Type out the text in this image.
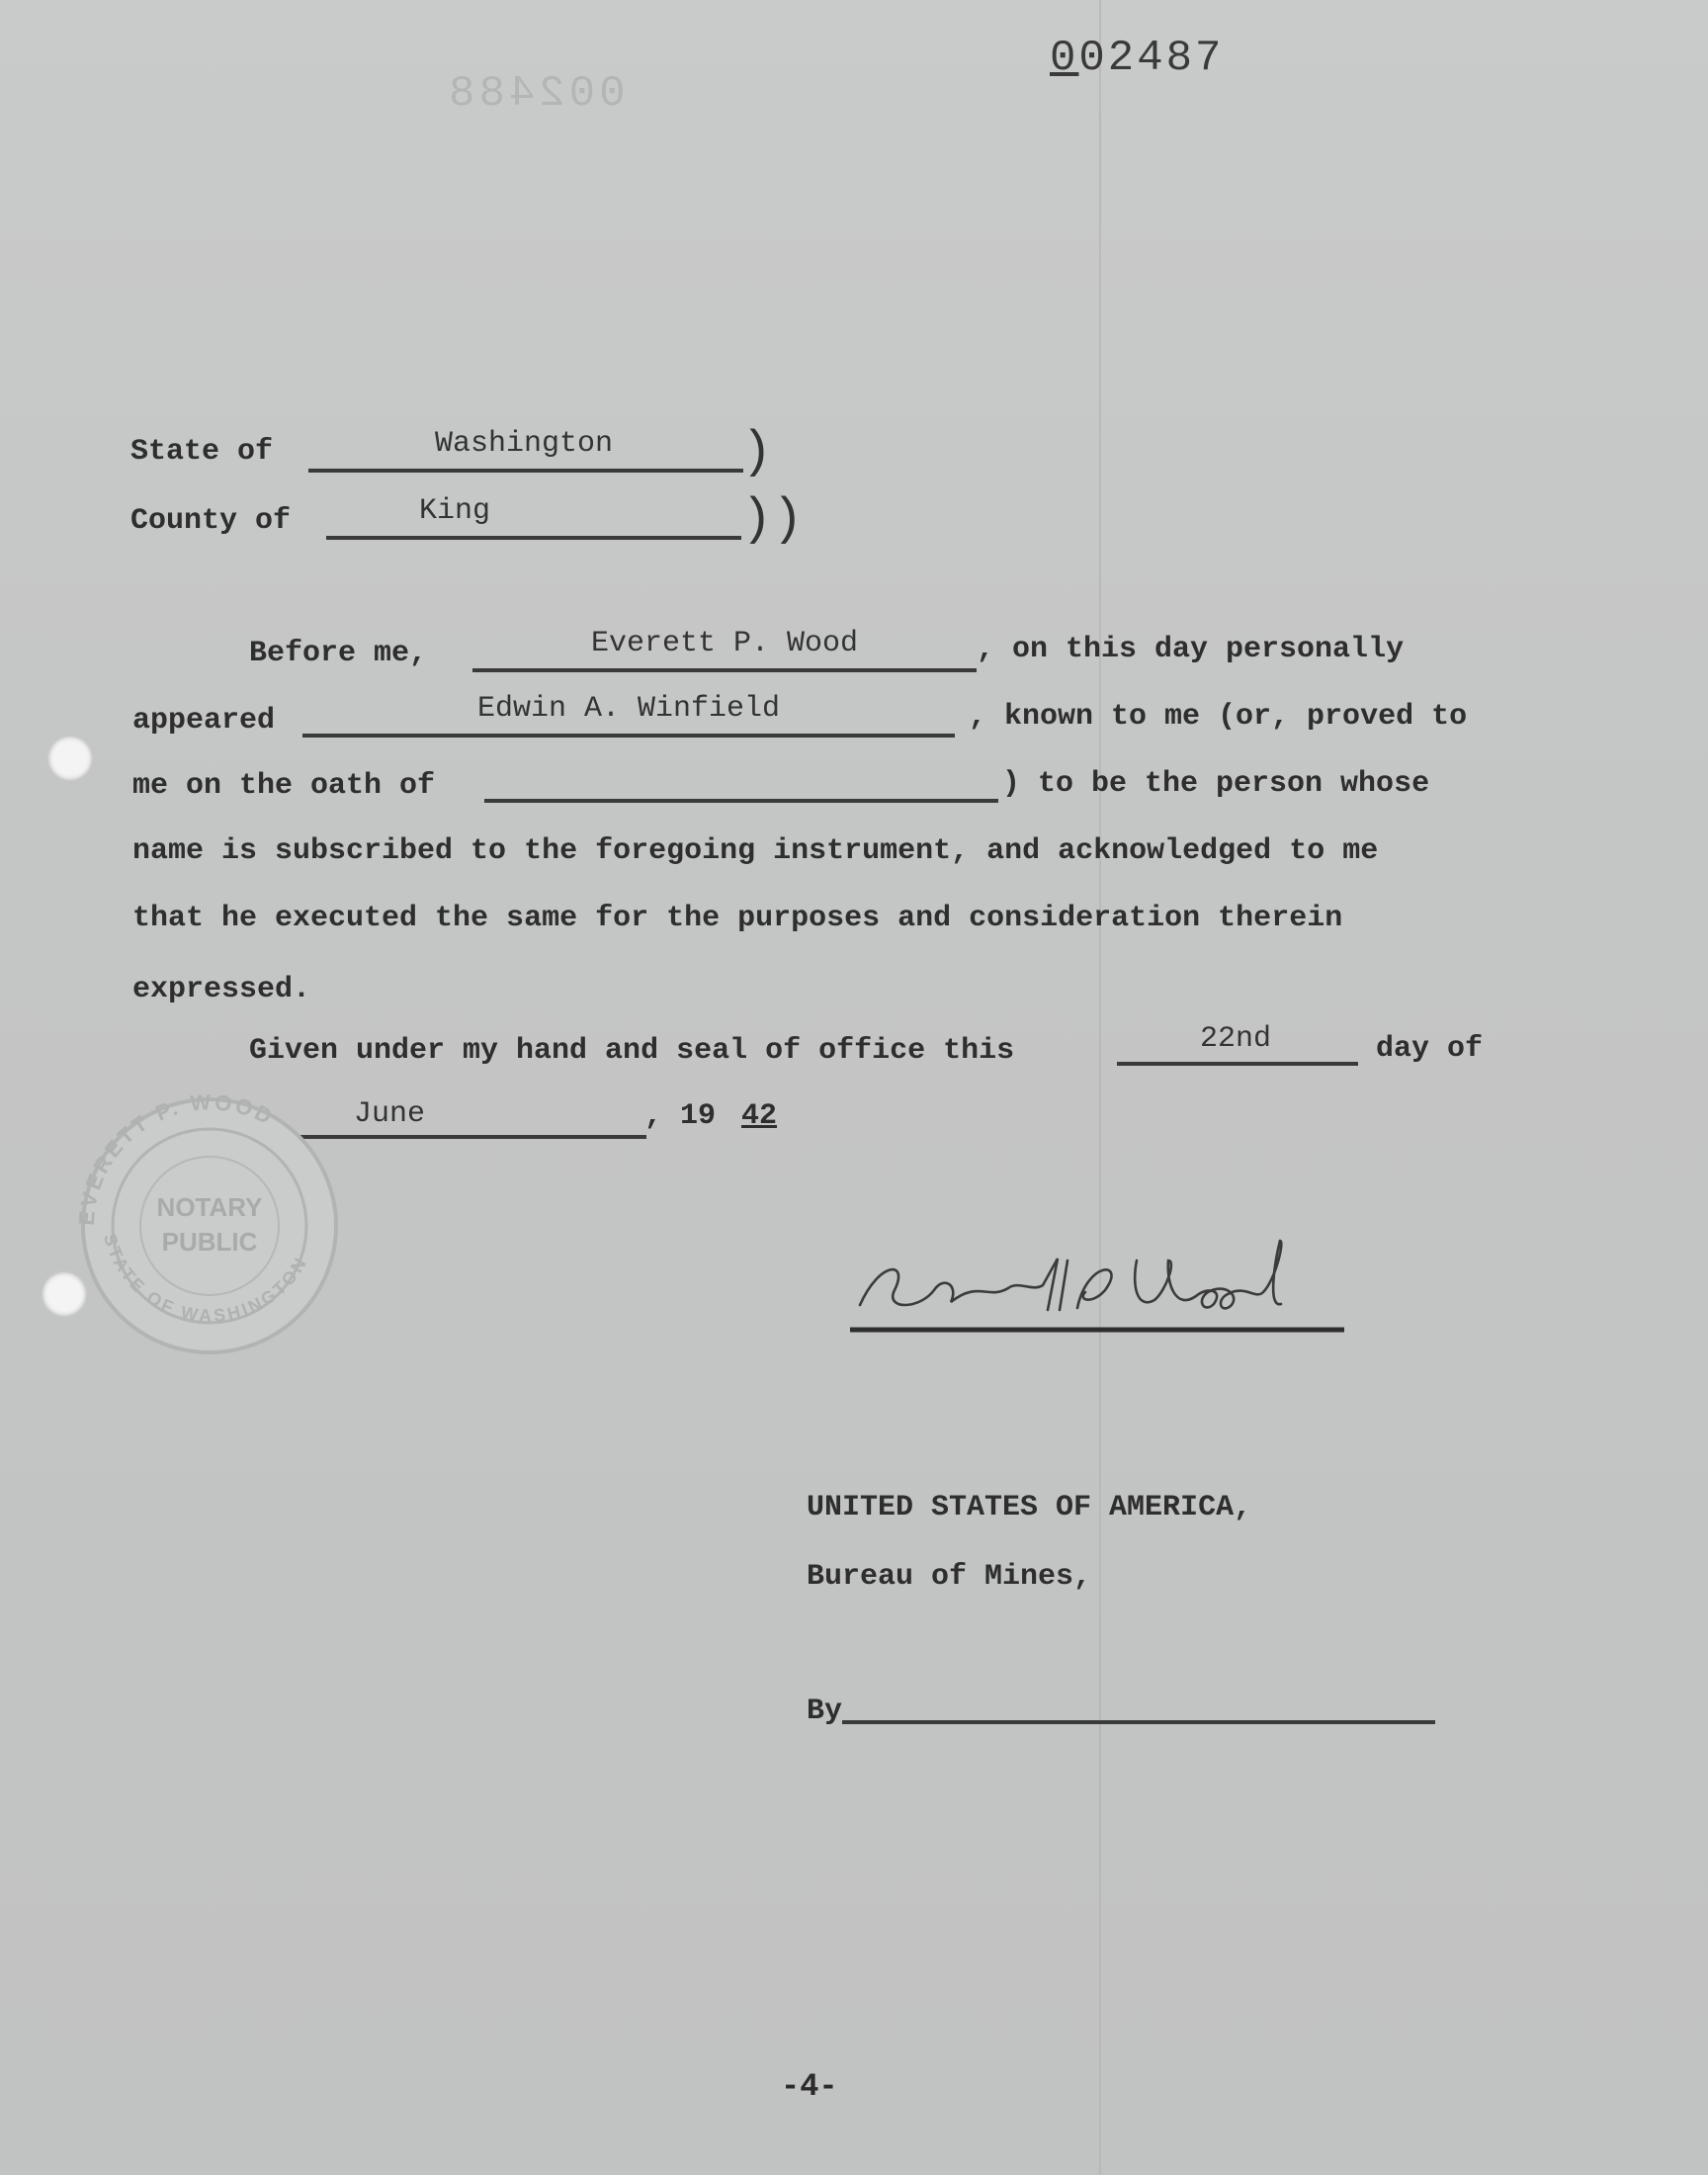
002488
002487
State of	Washington	)
County of	King	))
Before me,	Everett P. Wood	, on this day personally
appeared	Edwin A. Winfield	, known to me (or, proved to
me on the oath of	) to be the person whose
name is subscribed to the foregoing instrument, and acknowledged to me
that he executed the same for the purposes and consideration therein
expressed.
Given under my hand and seal of office this	22nd	day of
June	, 19 42
EVERETT P. WOOD
NOTARY
PUBLIC
STATE OF WASHINGTON
UNITED STATES OF AMERICA,
Bureau of Mines,
By
-4-
